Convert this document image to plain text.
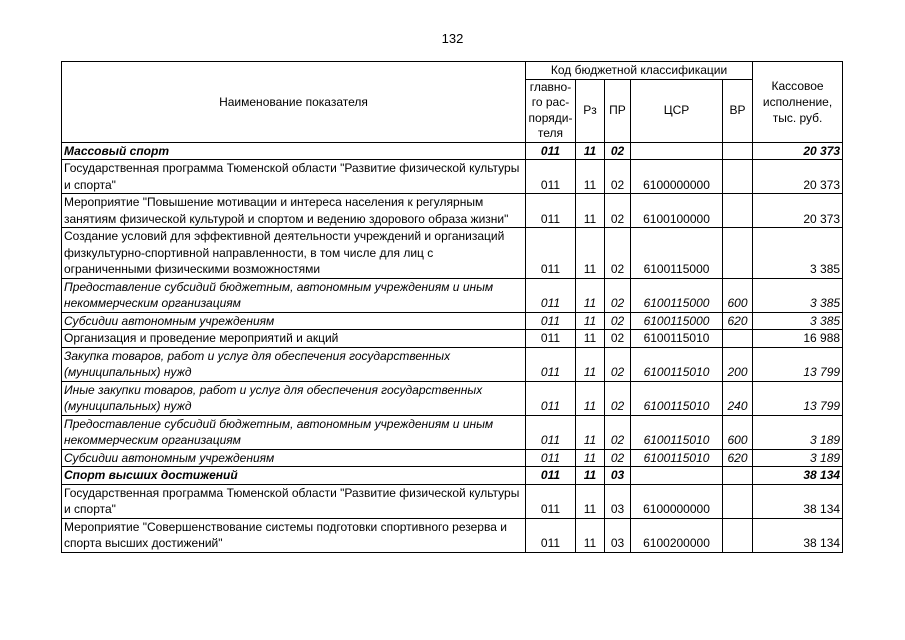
132
Наименование показателя	Код бюджетной классификации					Кассовое исполнение, тыс. руб.
	главно-го рас-поряди-теля	Рз	ПР	ЦСР	ВР	
Массовый спорт	011	11	02			20 373
Государственная программа Тюменской области "Развитие физической культуры и спорта"	011	11	02	6100000000		20 373
Мероприятие "Повышение мотивации и интереса населения к регулярным занятиям физической культурой и спортом и ведению здорового образа жизни"	011	11	02	6100100000		20 373
Создание условий для эффективной деятельности учреждений и организаций физкультурно-спортивной направленности, в том числе для лиц с ограниченными физическими возможностями	011	11	02	6100115000		3 385
Предоставление субсидий бюджетным, автономным учреждениям и иным некоммерческим организациям	011	11	02	6100115000	600	3 385
Субсидии автономным учреждениям	011	11	02	6100115000	620	3 385
Организация и проведение мероприятий и акций	011	11	02	6100115010		16 988
Закупка товаров, работ и услуг для обеспечения государственных (муниципальных) нужд	011	11	02	6100115010	200	13 799
Иные закупки товаров, работ и услуг для обеспечения государственных (муниципальных) нужд	011	11	02	6100115010	240	13 799
Предоставление субсидий бюджетным, автономным учреждениям и иным некоммерческим организациям	011	11	02	6100115010	600	3 189
Субсидии автономным учреждениям	011	11	02	6100115010	620	3 189
Спорт высших достижений	011	11	03			38 134
Государственная программа Тюменской области "Развитие физической культуры и спорта"	011	11	03	6100000000		38 134
Мероприятие "Совершенствование системы подготовки спортивного резерва и спорта высших достижений"	011	11	03	6100200000		38 134
